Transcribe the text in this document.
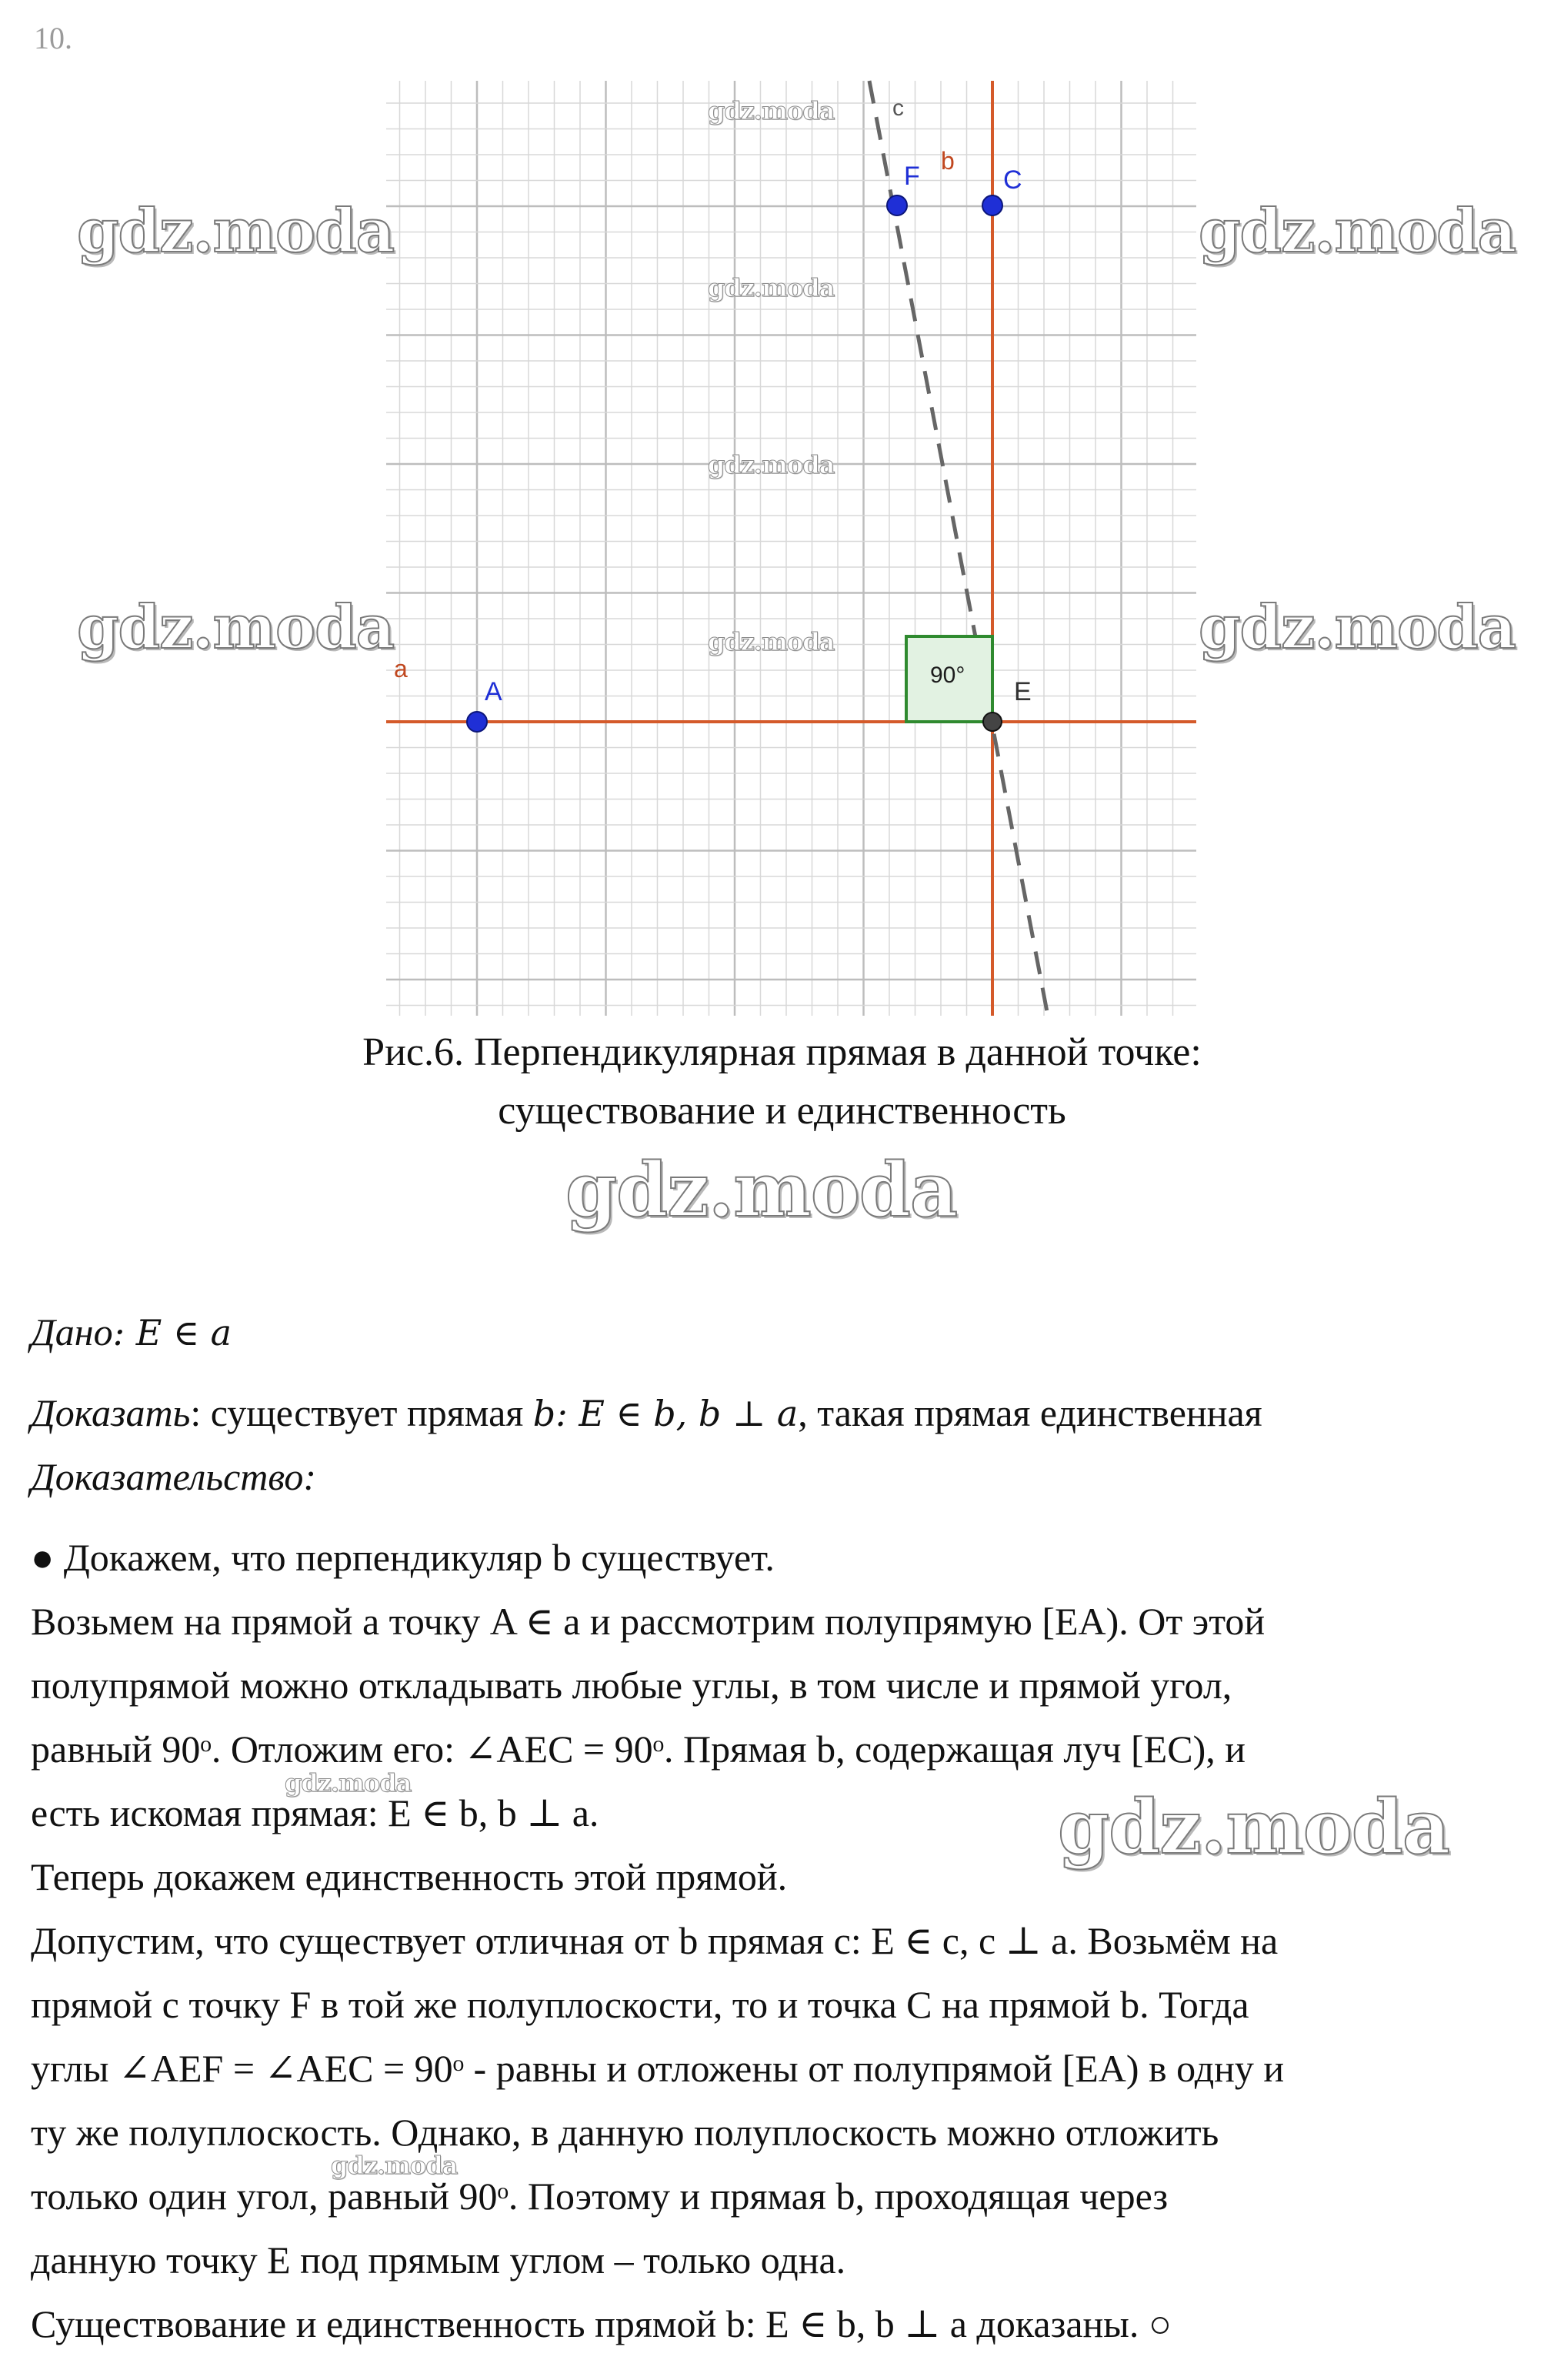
10.
90°
a
b
c
A
F	C
E
gdz.moda	gdz.moda
gdz.moda	gdz.moda
gdz.moda
gdz.moda
gdz.moda
gdz.moda
Рис.6. Перпендикулярная прямая в данной точке:
существование и единственность
gdz.moda
Дано: E ∈ a
Доказать: существует прямая b: E ∈ b, b ⊥ a, такая прямая единственная
Доказательство:
● Докажем, что перпендикуляр b существует.
Возьмем на прямой a точку A ∈ a и рассмотрим полупрямую [EA). От этой
полупрямой можно откладывать любые углы, в том числе и прямой угол,
равный 90ᵒ. Отложим его: ∠AEC = 90ᵒ. Прямая b, содержащая луч [EC), и
есть искомая прямая: E ∈ b, b ⊥ a.
Теперь докажем единственность этой прямой.
Допустим, что существует отличная от b прямая c: E ∈ c, c ⊥ a. Возьмём на
прямой c точку F в той же полуплоскости, то и точка C на прямой b. Тогда
углы ∠AEF = ∠AEC = 90ᵒ - равны и отложены от полупрямой [EA) в одну и
ту же полуплоскость. Однако, в данную полуплоскость можно отложить
только один угол, равный 90ᵒ. Поэтому и прямая b, проходящая через
данную точку E под прямым углом – только одна.
Существование и единственность прямой b: E ∈ b, b ⊥ a доказаны. ○
gdz.moda
gdz.moda
gdz.moda
